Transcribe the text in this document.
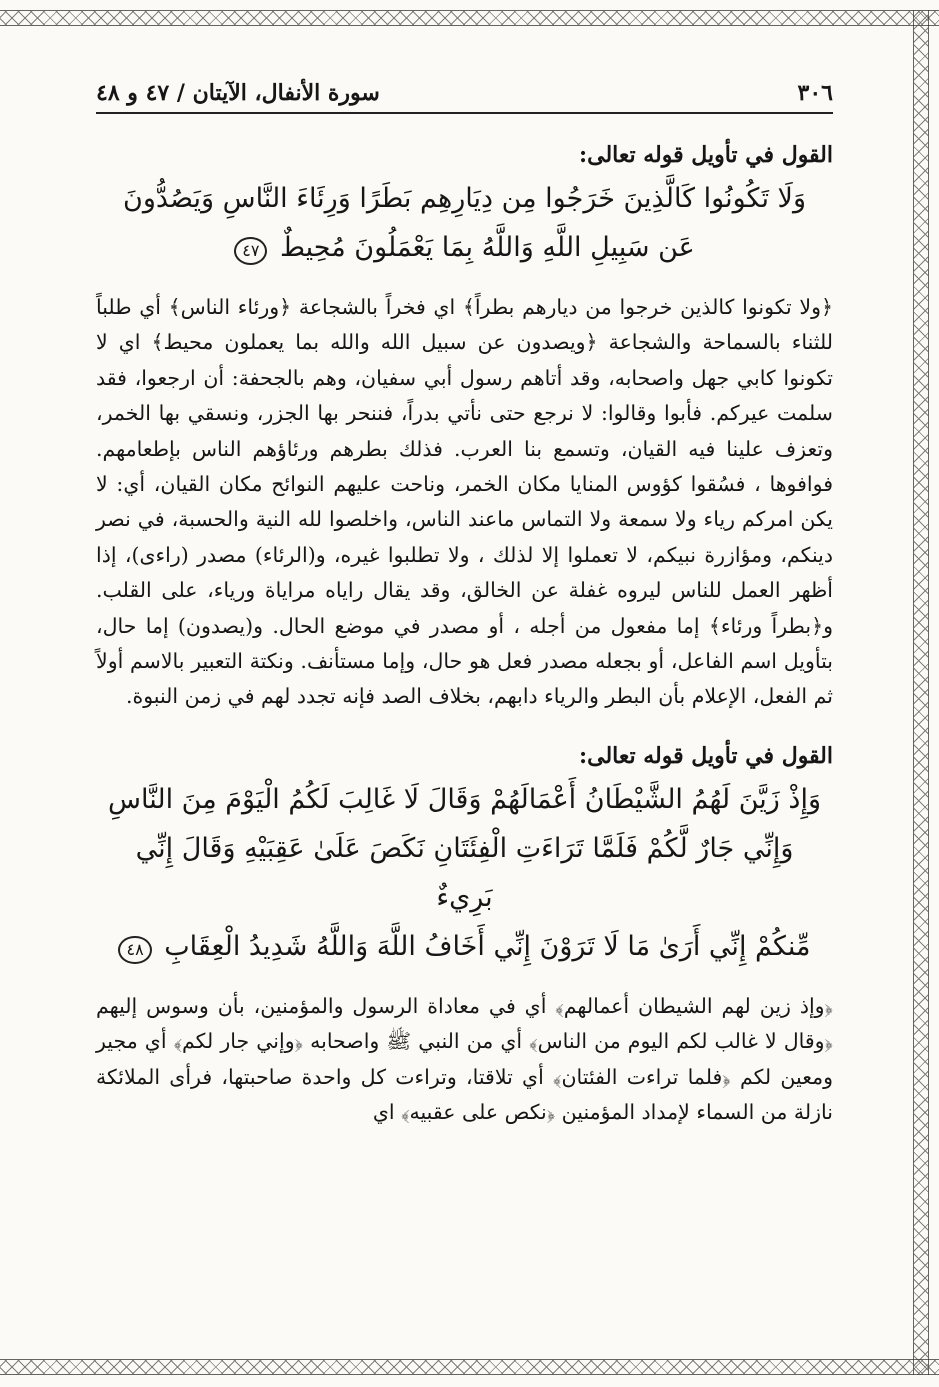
٣٠٦
سورة الأنفال، الآيتان / ٤٧ و ٤٨
القول في تأويل قوله تعالى:
وَلَا تَكُونُوا كَالَّذِينَ خَرَجُوا مِن دِيَارِهِم بَطَرًا وَرِئَاءَ النَّاسِ وَيَصُدُّونَ
عَن سَبِيلِ اللَّهِ وَاللَّهُ بِمَا يَعْمَلُونَ مُحِيطٌ ٤٧

﴿ولا تكونوا كالذين خرجوا من ديارهم بطراً﴾ اي فخراً بالشجاعة ﴿ورئاء الناس﴾ أي طلباً للثناء بالسماحة والشجاعة ﴿ويصدون عن سبيل الله والله بما يعملون محيط﴾ اي لا تكونوا كابي جهل واصحابه، وقد أتاهم رسول أبي سفيان، وهم بالجحفة: أن ارجعوا، فقد سلمت عيركم. فأبوا وقالوا: لا نرجع حتى نأتي بدراً، فننحر بها الجزر، ونسقي بها الخمر، وتعزف علينا فيه القيان، وتسمع بنا العرب. فذلك بطرهم ورئاؤهم الناس بإطعامهم. فوافوها ، فسُقوا كؤوس المنايا مكان الخمر، وناحت عليهم النوائح مكان القيان، أي: لا يكن امركم رياء ولا سمعة ولا التماس ماعند الناس، واخلصوا لله النية والحسبة، في نصر دينكم، ومؤازرة نبيكم، لا تعملوا إلا لذلك ، ولا تطلبوا غيره، و(الرئاء) مصدر (راءى)، إذا أظهر العمل للناس ليروه غفلة عن الخالق، وقد يقال راياه مراياة ورياء، على القلب. و﴿بطراً ورئاء﴾ إما مفعول من أجله ، أو مصدر في موضع الحال. و(يصدون) إما حال، بتأويل اسم الفاعل، أو بجعله مصدر فعل هو حال، وإما مستأنف. ونكتة التعبير بالاسم أولاً ثم الفعل، الإعلام بأن البطر والرياء دابهم، بخلاف الصد فإنه تجدد لهم في زمن النبوة.

القول في تأويل قوله تعالى:
وَإِذْ زَيَّنَ لَهُمُ الشَّيْطَانُ أَعْمَالَهُمْ وَقَالَ لَا غَالِبَ لَكُمُ الْيَوْمَ مِنَ النَّاسِ
وَإِنِّي جَارٌ لَّكُمْ فَلَمَّا تَرَاءَتِ الْفِئَتَانِ نَكَصَ عَلَىٰ عَقِبَيْهِ وَقَالَ إِنِّي بَرِيءٌ
مِّنكُمْ إِنِّي أَرَىٰ مَا لَا تَرَوْنَ إِنِّي أَخَافُ اللَّهَ وَاللَّهُ شَدِيدُ الْعِقَابِ ٤٨

﴿وإذ زين لهم الشيطان أعمالهم﴾ أي في معاداة الرسول والمؤمنين، بأن وسوس إليهم ﴿وقال لا غالب لكم اليوم من الناس﴾ أي من النبي ﷺ واصحابه ﴿وإني جار لكم﴾ أي مجير ومعين لكم ﴿فلما تراءت الفئتان﴾ أي تلاقتا، وتراءت كل واحدة صاحبتها، فرأى الملائكة نازلة من السماء لإمداد المؤمنين ﴿نكص على عقبيه﴾ اي
